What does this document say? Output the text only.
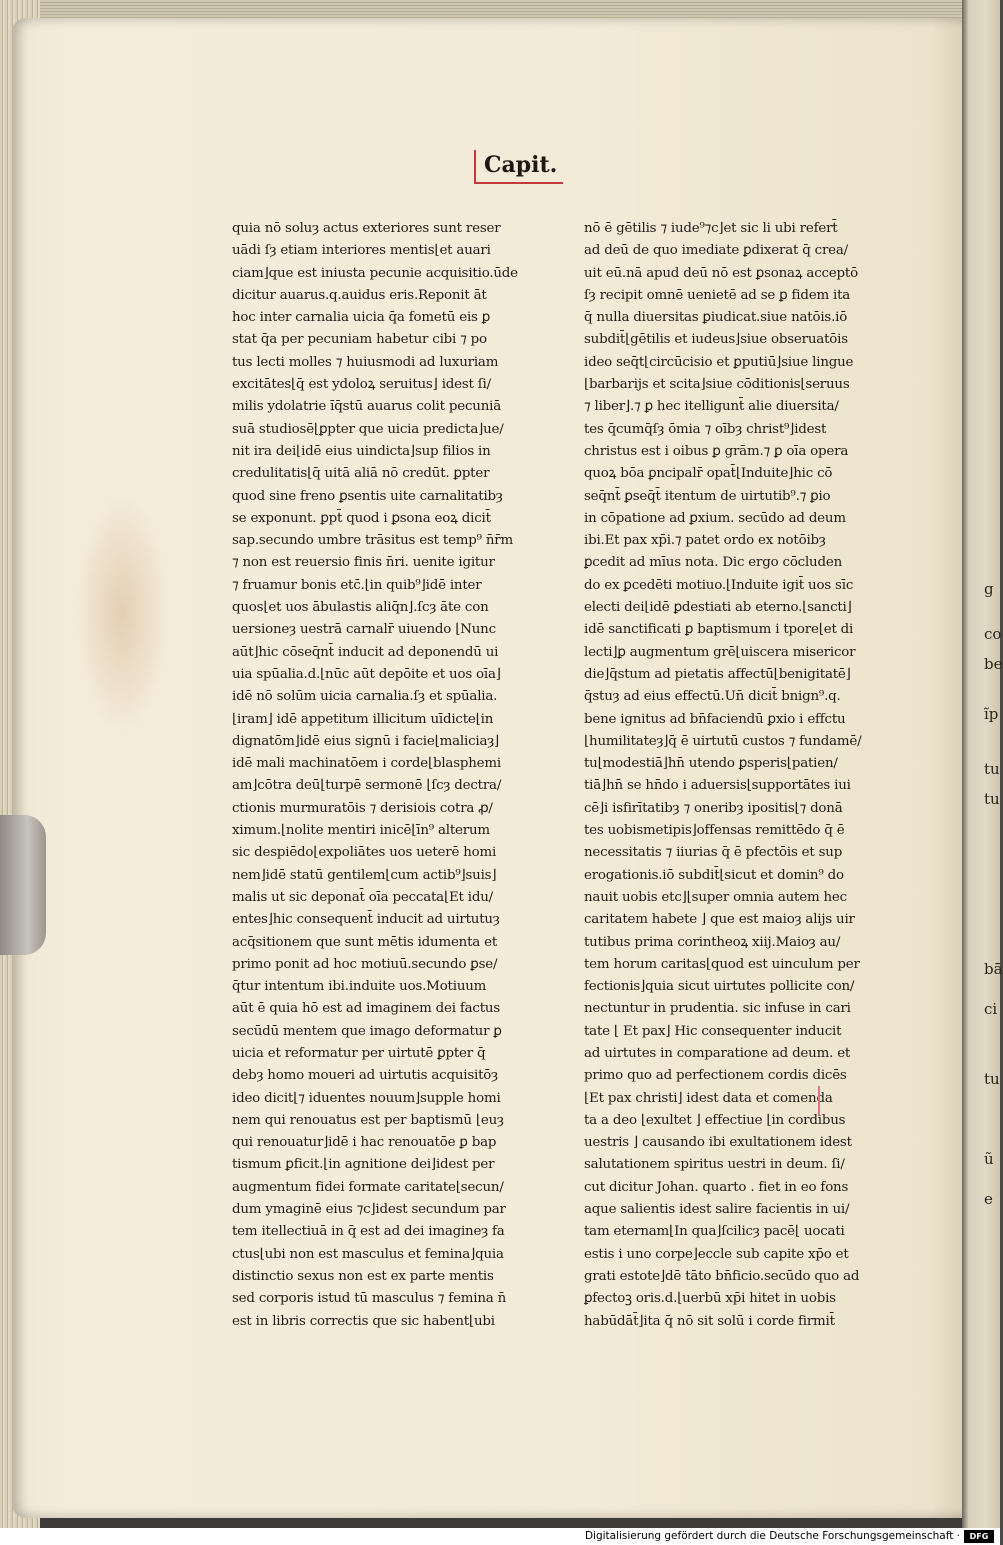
g
co
be
ĩp
tu
tu
bā
ci
tu
ũ
e
Capit.
quia nō soluȝ actus exteriores sunt reser
uādi ſȝ etiam interiores mentis⌊et auari
ciam⌋que est iniusta pecunie acquisitio.ūde
dicitur auarus.q.auidus eris.Reponit āt
hoc inter carnalia uicia q̄a fometū eis ꝑ
stat q̄a per pecuniam habetur cibi ⁊ po
tus lecti molles ⁊ huiusmodi ad luxuriam
excitātes⌊q̄ est ydoloꝝ seruitus⌋ idest ſi/
milis ydolatrie ı̄q̄stū auarus colit pecuniā
suā studiosē⌊ꝑpter que uicia predicta⌋ue/
nit ira dei⌊idē eius uindicta⌋sup filios in
credulitatis⌊q̄ uitā aliā nō credūt. ꝑpter
quod sine freno ꝑsentis uite carnalitatibȝ
se exponunt. ꝑpt̄ quod i ꝑsona eoꝝ dicit̄
sap.secundo umbre trāsitus est temp⁹ n̄r̄m
⁊ non est reuersio finis n̄ri. uenite igitur
⁊ fruamur bonis etc̄.⌊in quib⁹⌋idē inter
quos⌊et uos ābulastis aliq̄n⌋.ſcȝ āte con
uersioneȝ uestrā carnalr̄ uiuendo ⌊Nunc
aūt⌋hic cōseq̄nt̄ inducit ad deponendū ui
uia spūalia.d.⌊nūc aūt depōite et uos oīa⌋
idē nō solūm uicia carnalia.ſȝ et spūalia.
⌊iram⌋ idē appetitum illicitum uīdicte⌊in
dignatōm⌋idē eius signū i facie⌊maliciaȝ⌋
idē mali machinatōem i corde⌊blasphemi
am⌋cōtra deū⌊turpē sermonē ⌊ſcȝ dectra/
ctionis murmuratōis ⁊ derisiois cotra ꝓ/
ximum.⌊nolite mentiri inicē⌊īn⁹ alterum
sic despiēdo⌊expoliātes uos ueterē homi
nem⌋idē statū gentilem⌊cum actib⁹⌋suis⌋
malis ut sic deponat̄ oīa peccata⌊Et idu/
entes⌋hic consequent̄ inducit ad uirtutuȝ
acq̄sitionem que sunt mētis idumenta et
primo ponit ad hoc motiuū.secundo ꝑse/
q̄tur intentum ibi.induite uos.Motiuum
aūt ē quia hō est ad imaginem dei factus
secūdū mentem que imago deformatur ꝑ
uicia et reformatur per uirtutē ꝑpter q̄
debȝ homo moueri ad uirtutis acquisitōȝ
ideo dicit⌊⁊ iduentes nouum⌋supple homi
nem qui renouatus est per baptismū ⌊euȝ
qui renouatur⌋idē i hac renouatōe ꝑ bap
tismum ꝑficit.⌊in agnitione dei⌋idest per
augmentum fidei formate caritate⌊secun/
dum ymaginē eius ⁊c⌋idest secundum par
tem itellectiuā in q̄ est ad dei imagineȝ fa
ctus⌊ubi non est masculus et femina⌋quia
distinctio sexus non est ex parte mentis
sed corporis istud tū masculus ⁊ femina n̄
est in libris correctis que sic habent⌊ubi
nō ē gētilis ⁊ iude⁹⁊c⌋et sic li ubi refert̄
ad deū de quo imediate ꝑdixerat q̄ crea/
uit eū.nā apud deū nō est ꝑsonaꝝ acceptō
ſȝ recipit omnē uenietē ad se ꝑ fidem ita
q̄ nulla diuersitas ꝑiudicat.siue natōis.iō
subdit̄⌊gētilis et iudeus⌋siue obseruatōis
ideo seq̄t⌊circūcisio et ꝑputiū⌋siue lingue
⌊barbarijs et scita⌋siue cōditionis⌊seruus
⁊ liber⌋.⁊ ꝑ hec itelligunt̄ alie diuersita/
tes q̄cumq̄ſȝ ōmia ⁊ oībȝ christ⁹⌋idest
christus est i oibus ꝑ grām.⁊ ꝑ oīa opera
quoꝝ bōa ꝑncipalr̄ opat̄⌊Induite⌋hic cō
seq̄nt̄ ꝑseq̄t̄ itentum de uirtutib⁹.⁊ ꝑio
in cōpatione ad ꝑxium. secūdo ad deum
ibi.Et pax xp̄i.⁊ patet ordo ex notōibȝ
ꝑcedit ad mīus nota. Dic ergo cōcluden
do ex ꝑcedēti motiuo.⌊Induite igit̄ uos sīc
electi dei⌊idē ꝑdestiati ab eterno.⌊sancti⌋
idē sanctificati ꝑ baptismum i tpore⌊et di
lecti⌋ꝑ augmentum grē⌊uiscera misericor
die⌋q̄stum ad pietatis affectū⌊benigitatē⌋
q̄stuȝ ad eius effectū.Un̄ dicit̄ bnign⁹.q.
bene ignitus ad bn̄faciendū ꝑxio i effctu
⌊humilitateȝ⌋q̄ ē uirtutū custos ⁊ fundamē/
tu⌊modestiā⌋hn̄ utendo ꝑsperis⌊patien/
tiā⌋hn̄ se hn̄do i aduersis⌊supportātes iui
cē⌋i isfirītatibȝ ⁊ oneribȝ ipositis⌊⁊ donā
tes uobismetipis⌋offensas remittēdo q̄ ē
necessitatis ⁊ iiurias q̄ ē pfectōis et sup
erogationis.iō subdit̄⌊sicut et domin⁹ do
nauit uobis etc⌋⌊super omnia autem hec
caritatem habete ⌋ que est maioȝ alijs uir
tutibus prima corintheoꝝ xiij.Maioȝ au/
tem horum caritas⌊quod est uinculum per
fectionis⌋quia sicut uirtutes pollicite con/
nectuntur in prudentia. sic infuse in cari
tate ⌊ Et pax⌋ Hic consequenter inducit
ad uirtutes in comparatione ad deum. et
primo quo ad perfectionem cordis dicēs
⌊Et pax christi⌋ idest data et comenda
ta a deo ⌊exultet ⌋ effectiue ⌊in cordibus
uestris ⌋ causando ibi exultationem idest
salutationem spiritus uestri in deum. ſi/
cut dicitur Johan. quarto . fiet in eo fons
aque salientis idest salire facientis in ui/
tam eternam⌊In qua⌋ſcilicȝ pacē⌊ uocati
estis i uno corpe⌋eccle sub capite xp̄o et
grati estote⌋dē tāto bn̄ficio.secūdo quo ad
ꝑfectoꝫ oris.d.⌊uerbū xp̄i hitet in uobis
habūdāt̄⌋ita q̄ nō sit solū i corde firmit̄
Digitalisierung gefördert durch die Deutsche Forschungsgemeinschaft ·	DFG
